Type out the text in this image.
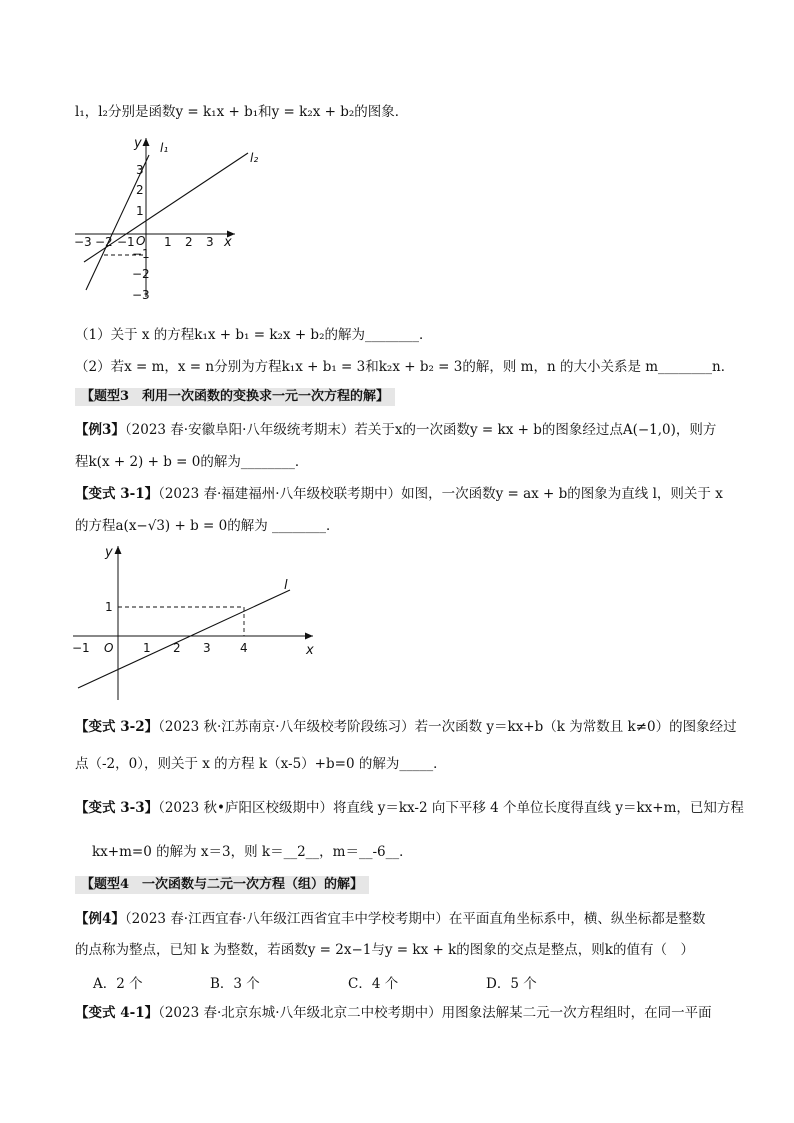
l₁，l₂分别是函数y = k₁x + b₁和y = k₂x + b₂的图象．
y
x
O
l₁
l₂
−3 −2 −1 1 2 3
3
2
1
−1
−2
−3
（1）关于 x 的方程k₁x + b₁ = k₂x + b₂的解为________．
（2）若x = m，x = n分别为方程k₁x + b₁ = 3和k₂x + b₂ = 3的解，则 m，n 的大小关系是 m________n．
【题型3　利用一次函数的变换求一元一次方程的解】
【例3】（2023 春·安徽阜阳·八年级统考期末）若关于x的一次函数y = kx + b的图象经过点A(−1,0)，则方
程k(x + 2) + b = 0的解为________．
【变式 3-1】（2023 春·福建福州·八年级校联考期中）如图，一次函数y = ax + b的图象为直线 l，则关于 x
的方程a(x−√3) + b = 0的解为 ________．
y
x
O
l
1
−1	1 2 3 4
【变式 3-2】（2023 秋·江苏南京·八年级校考阶段练习）若一次函数 y＝kx+b（k 为常数且 k≠0）的图象经过
点（-2，0），则关于 x 的方程 k（x-5）+b=0 的解为_____．
【变式 3-3】（2023 秋•庐阳区校级期中）将直线 y＝kx-2 向下平移 4 个单位长度得直线 y＝kx+m，已知方程
kx+m=0 的解为 x＝3，则 k＝__2__，m＝__-6__．
【题型4　一次函数与二元一次方程（组）的解】
【例4】（2023 春·江西宜春·八年级江西省宜丰中学校考期中）在平面直角坐标系中，横、纵坐标都是整数
的点称为整点，已知 k 为整数，若函数y = 2x−1与y = kx + k的图象的交点是整点，则k的值有（　）
A．2 个	B．3 个	C．4 个	D．5 个
【变式 4-1】（2023 春·北京东城·八年级北京二中校考期中）用图象法解某二元一次方程组时，在同一平面
